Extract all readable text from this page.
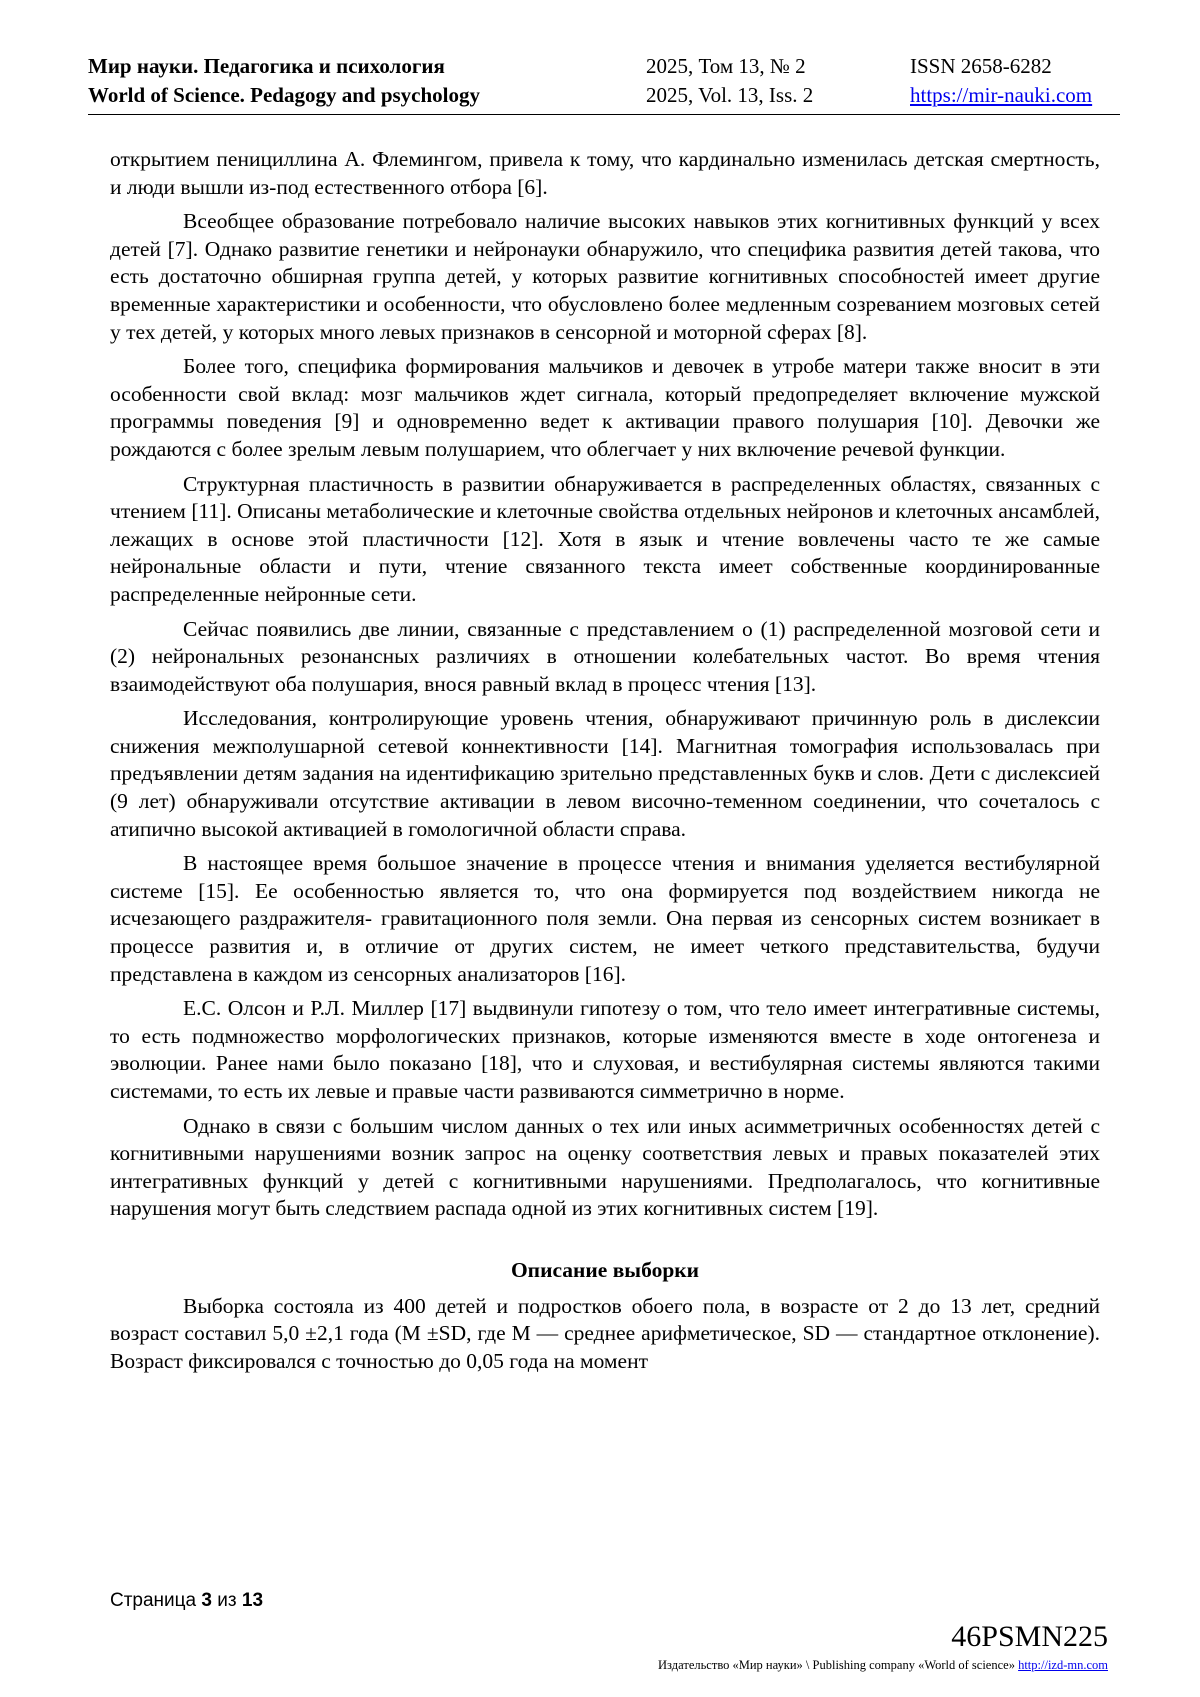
Мир науки. Педагогика и психология
World of Science. Pedagogy and psychology
2025, Том 13, № 2
2025, Vol. 13, Iss. 2
ISSN 2658-6282
https://mir-nauki.com

открытием пенициллина А. Флемингом, привела к тому, что кардинально изменилась детская смертность, и люди вышли из-под естественного отбора [6].

Всеобщее образование потребовало наличие высоких навыков этих когнитивных функций у всех детей [7]. Однако развитие генетики и нейронауки обнаружило, что специфика развития детей такова, что есть достаточно обширная группа детей, у которых развитие когнитивных способностей имеет другие временные характеристики и особенности, что обусловлено более медленным созреванием мозговых сетей у тех детей, у которых много левых признаков в сенсорной и моторной сферах [8].

Более того, специфика формирования мальчиков и девочек в утробе матери также вносит в эти особенности свой вклад: мозг мальчиков ждет сигнала, который предопределяет включение мужской программы поведения [9] и одновременно ведет к активации правого полушария [10]. Девочки же рождаются с более зрелым левым полушарием, что облегчает у них включение речевой функции.

Структурная пластичность в развитии обнаруживается в распределенных областях, связанных с чтением [11]. Описаны метаболические и клеточные свойства отдельных нейронов и клеточных ансамблей, лежащих в основе этой пластичности [12]. Хотя в язык и чтение вовлечены часто те же самые нейрональные области и пути, чтение связанного текста имеет собственные координированные распределенные нейронные сети.

Сейчас появились две линии, связанные с представлением о (1) распределенной мозговой сети и (2) нейрональных резонансных различиях в отношении колебательных частот. Во время чтения взаимодействуют оба полушария, внося равный вклад в процесс чтения [13].

Исследования, контролирующие уровень чтения, обнаруживают причинную роль в дислексии снижения межполушарной сетевой коннективности [14]. Магнитная томография использовалась при предъявлении детям задания на идентификацию зрительно представленных букв и слов. Дети с дислексией (9 лет) обнаруживали отсутствие активации в левом височно-теменном соединении, что сочеталось с атипично высокой активацией в гомологичной области справа.

В настоящее время большое значение в процессе чтения и внимания уделяется вестибулярной системе [15]. Ее особенностью является то, что она формируется под воздействием никогда не исчезающего раздражителя- гравитационного поля земли. Она первая из сенсорных систем возникает в процессе развития и, в отличие от других систем, не имеет четкого представительства, будучи представлена в каждом из сенсорных анализаторов [16].

Е.С. Олсон и Р.Л. Миллер [17] выдвинули гипотезу о том, что тело имеет интегративные системы, то есть подмножество морфологических признаков, которые изменяются вместе в ходе онтогенеза и эволюции. Ранее нами было показано [18], что и слуховая, и вестибулярная системы являются такими системами, то есть их левые и правые части развиваются симметрично в норме.

Однако в связи с большим числом данных о тех или иных асимметричных особенностях детей с когнитивными нарушениями возник запрос на оценку соответствия левых и правых показателей этих интегративных функций у детей с когнитивными нарушениями. Предполагалось, что когнитивные нарушения могут быть следствием распада одной из этих когнитивных систем [19].

Описание выборки

Выборка состояла из 400 детей и подростков обоего пола, в возрасте от 2 до 13 лет, средний возраст составил 5,0 ±2,1 года (M ±SD, где M — среднее арифметическое, SD — стандартное отклонение). Возраст фиксировался с точностью до 0,05 года на момент

Страница 3 из 13
46PSMN225
Издательство «Мир науки» \ Publishing company «World of science» http://izd-mn.com
